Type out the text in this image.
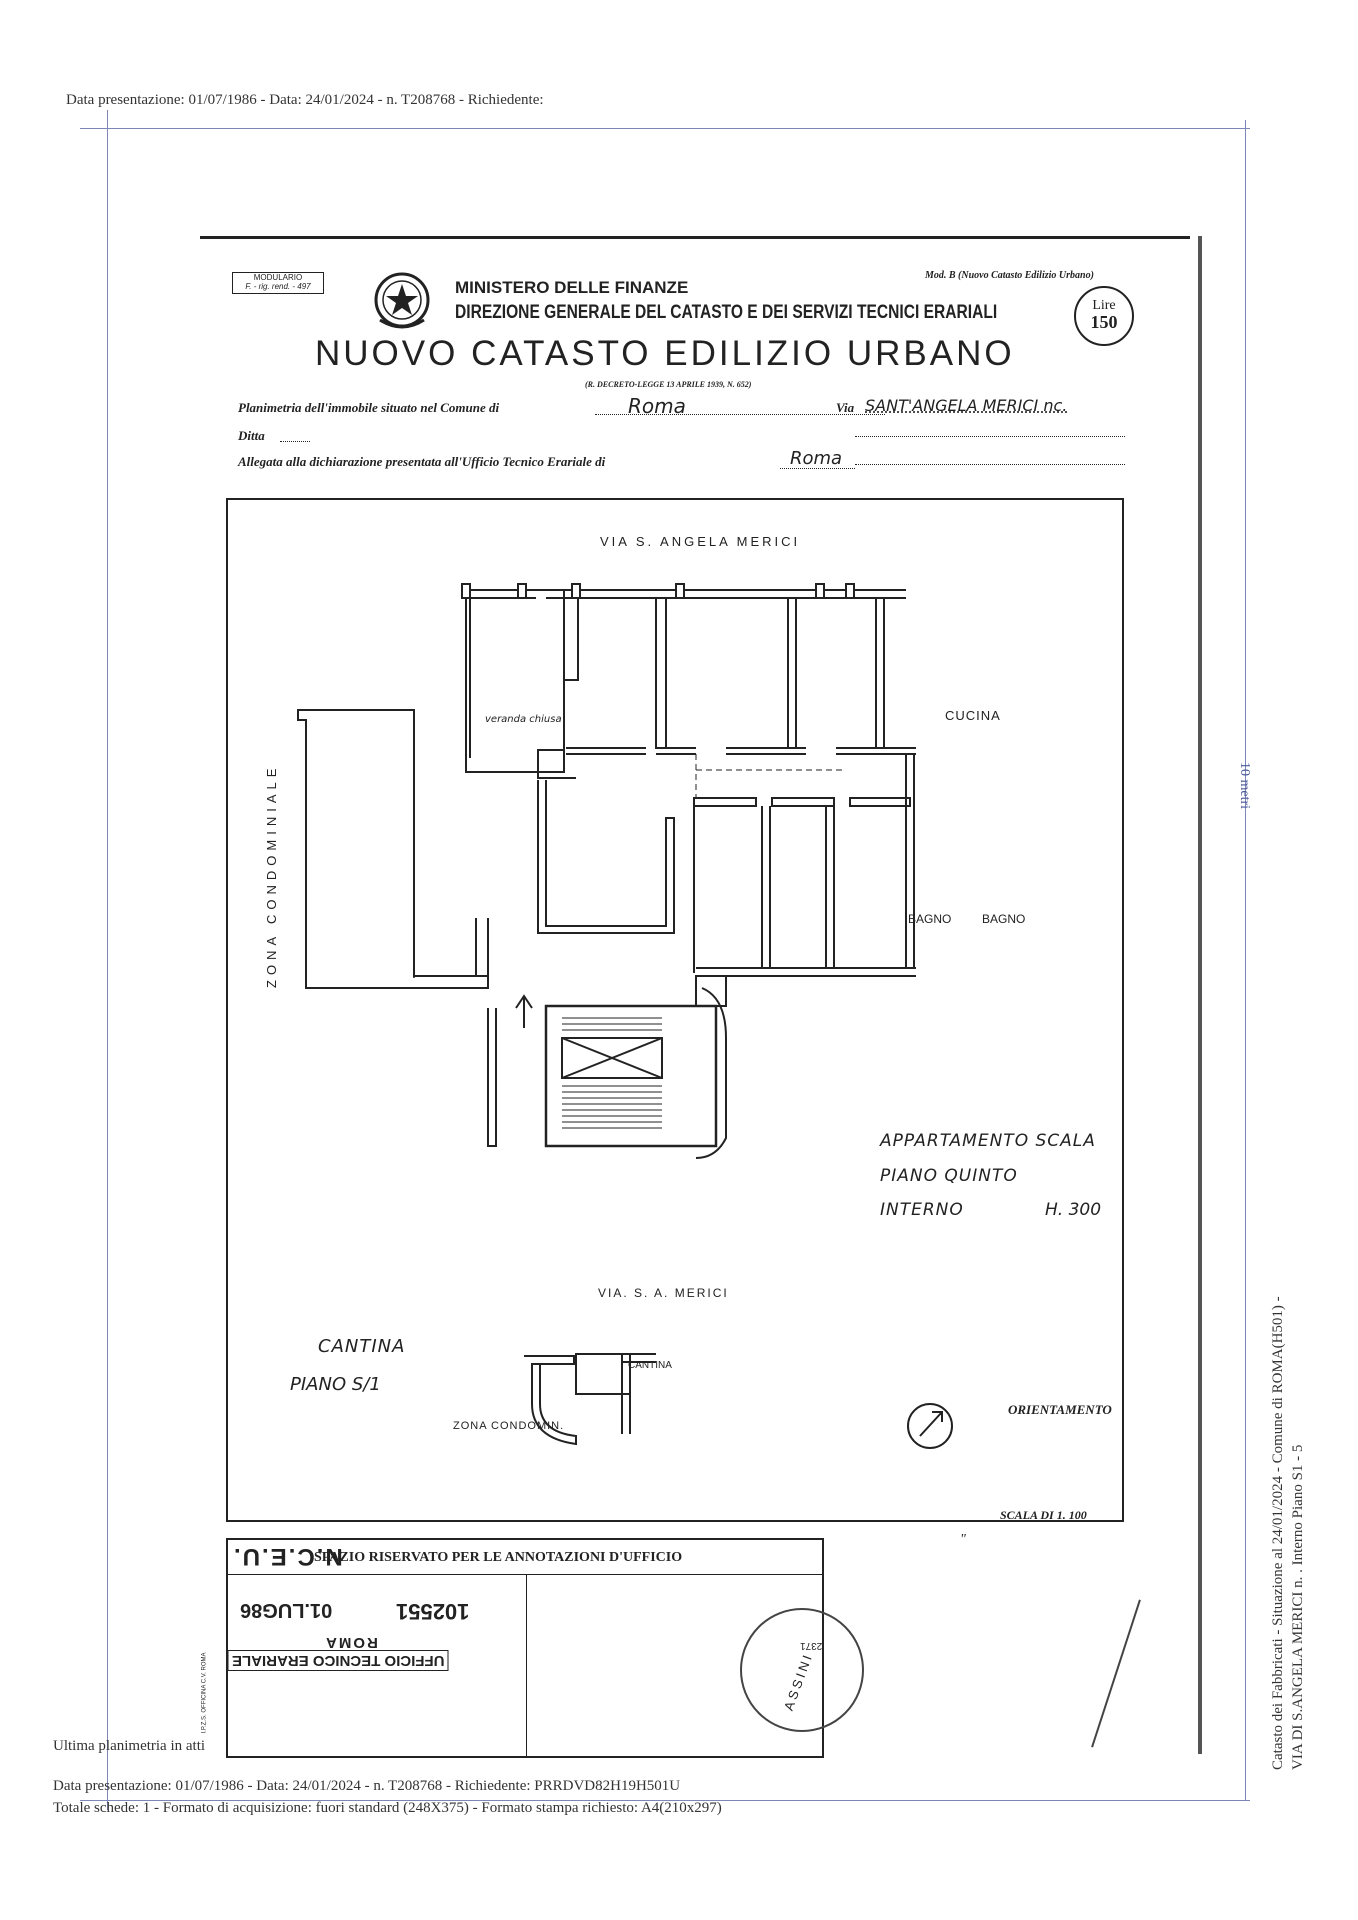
Data presentazione: 01/07/1986 - Data: 24/01/2024 - n. T208768 - Richiedente:
10 metri
Catasto dei Fabbricati - Situazione al 24/01/2024 - Comune di ROMA(H501) - VIA DI S.ANGELA MERICI n. . Interno Piano S1 - 5
MODULARIO
F. - rig. rend. - 497	MINISTERO DELLE FINANZE
Mod. B (Nuovo Catasto Edilizio Urbano)
DIREZIONE GENERALE DEL CATASTO E DEI SERVIZI TECNICI ERARIALI	Lire
150
NUOVO CATASTO EDILIZIO URBANO
(R. DECRETO-LEGGE 13 APRILE 1939, N. 652)
Planimetria dell'immobile situato nel Comune di	Roma	Via SANT'ANGELA MERICI nc.
Ditta
Allegata alla dichiarazione presentata all'Ufficio Tecnico Erariale di	Roma
VIA S. ANGELA MERICI
ZONA CONDOMINIALE
veranda chiusa	CUCINA
BAGNO	BAGNO
APPARTAMENTO SCALA
PIANO QUINTO
INTERNO	H. 300
VIA. S. A. MERICI
CANTINA
PIANO S/1
CANTINA
ZONA CONDOMIN.
ORIENTAMENTO
SCALA DI 1. 100
SPAZIO RISERVATO PER LE ANNOTAZIONI D'UFFICIO
N.C.E.U.
01.LUG86	102551
ROMA
UFFICIO TECNICO ERARIALE
I.P.Z.S. OFFICINA C.V. ROMA	ASSINI
2371
"
Ultima planimetria in atti
Data presentazione: 01/07/1986 - Data: 24/01/2024 - n. T208768 - Richiedente: PRRDVD82H19H501U
Totale schede: 1 - Formato di acquisizione: fuori standard (248X375) - Formato stampa richiesto: A4(210x297)
